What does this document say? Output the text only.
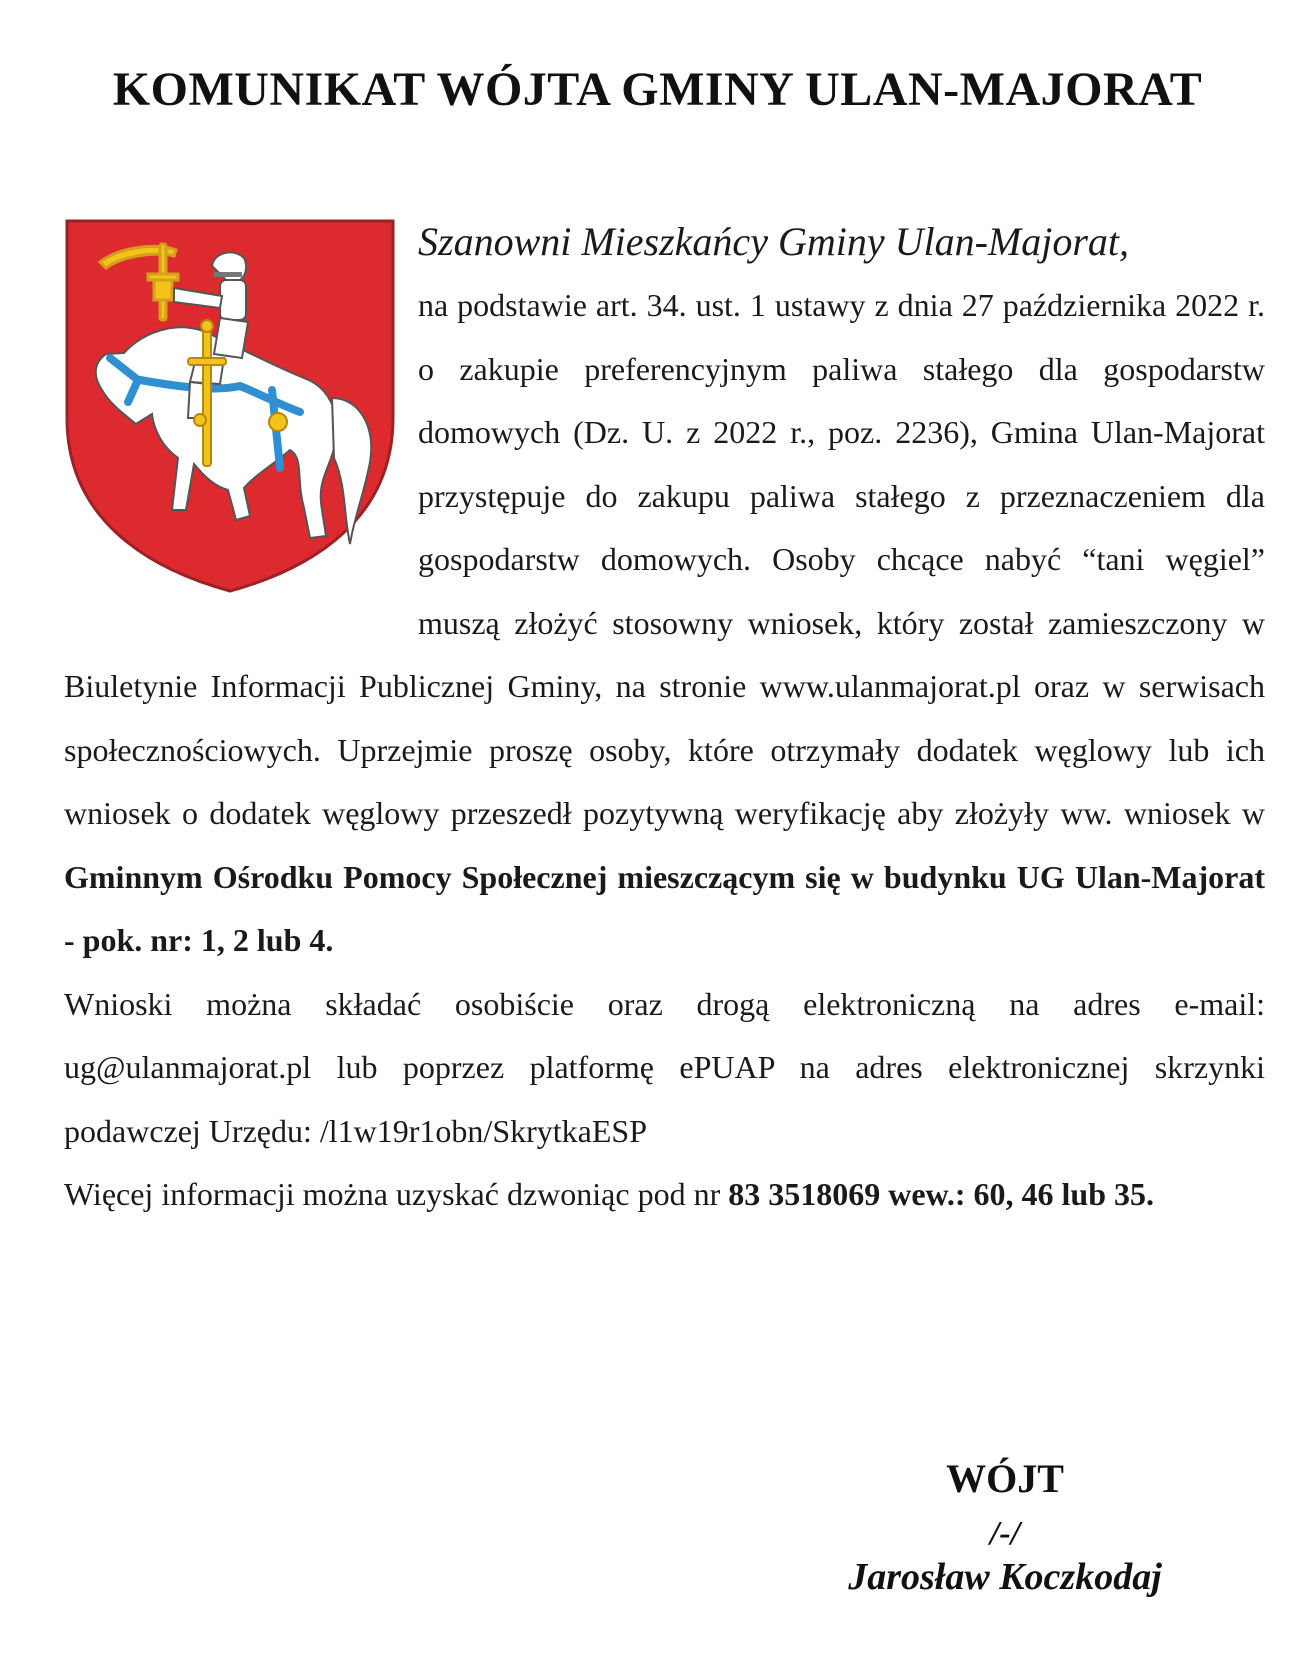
KOMUNIKAT WÓJTA GMINY ULAN-MAJORAT
Szanowni Mieszkańcy Gminy Ulan-Majorat,

na podstawie art. 34. ust. 1 ustawy z dnia 27 października 2022 r. o zakupie preferencyjnym paliwa stałego dla gospodarstw domowych (Dz. U. z 2022 r., poz. 2236), Gmina Ulan-Majorat przystępuje do zakupu paliwa stałego z przeznaczeniem dla gospodarstw domowych. Osoby chcące nabyć “tani węgiel” muszą złożyć stosowny wniosek, który został zamieszczony w Biuletynie Informacji Publicznej Gminy, na stronie www.ulanmajorat.pl oraz w serwisach społecznościowych. Uprzejmie proszę osoby, które otrzymały dodatek węglowy lub ich wniosek o dodatek węglowy przeszedł pozytywną weryfikację aby złożyły ww. wniosek w Gminnym Ośrodku Pomocy Społecznej mieszczącym się w budynku UG Ulan-Majorat - pok. nr: 1, 2 lub 4.

Wnioski można składać osobiście oraz drogą elektroniczną na adres e-mail: ug@ulanmajorat.pl lub poprzez platformę ePUAP na adres elektronicznej skrzynki podawczej Urzędu: /l1w19r1obn/SkrytkaESP

Więcej informacji można uzyskać dzwoniąc pod nr 83 3518069 wew.: 60, 46 lub 35.

WÓJT
/-/
Jarosław Koczkodaj
